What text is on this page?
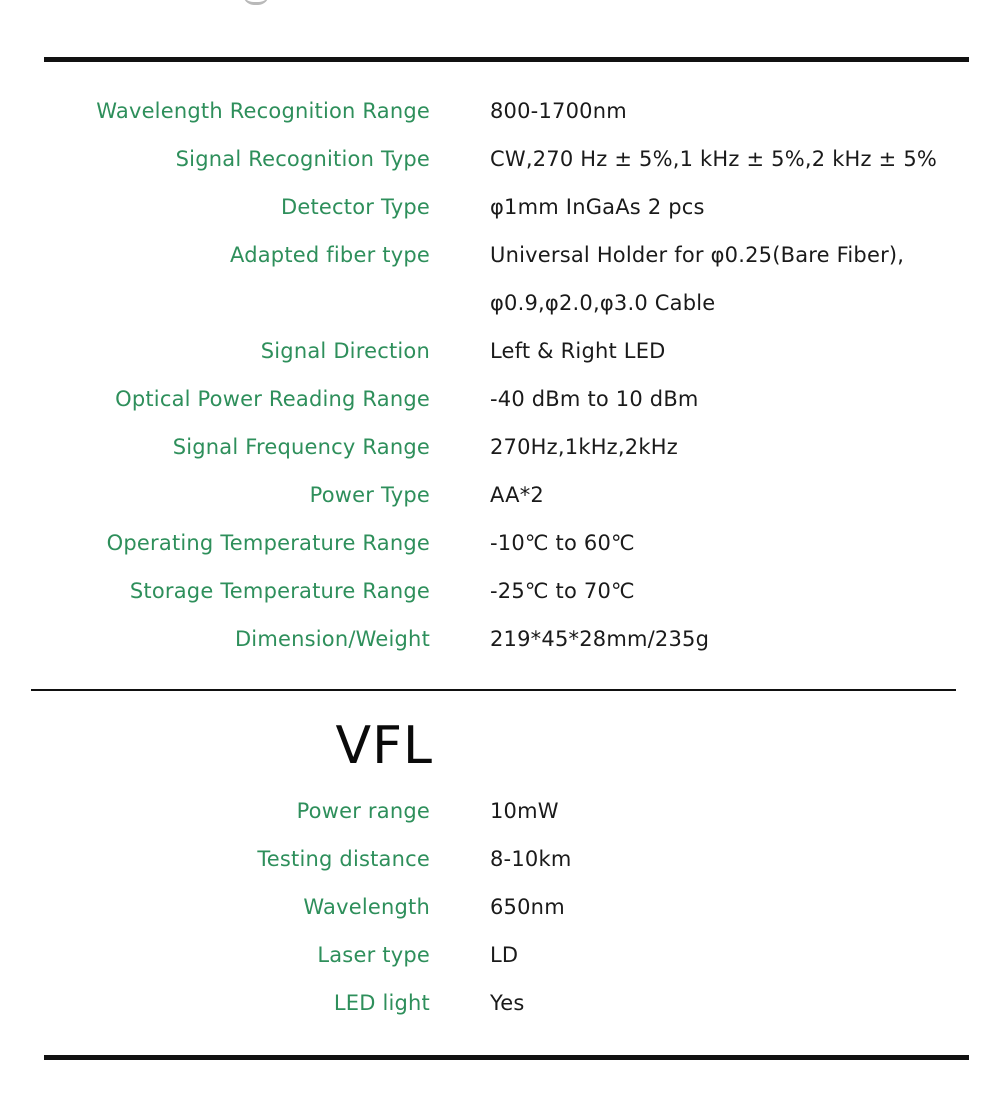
Wavelength Recognition Range	800-1700nm
Signal Recognition Type	CW,270 Hz ± 5%,1 kHz ± 5%,2 kHz ± 5%
Detector Type	φ1mm InGaAs 2 pcs
Adapted fiber type	Universal Holder for φ0.25(Bare Fiber), φ0.9,φ2.0,φ3.0 Cable
Signal Direction	Left & Right LED
Optical Power Reading Range	-40 dBm to 10 dBm
Signal Frequency Range	270Hz,1kHz,2kHz
Power Type	AA*2
Operating Temperature Range	-10℃ to 60℃
Storage Temperature Range	-25℃ to 70℃
Dimension/Weight	219*45*28mm/235g
VFL
Power range	10mW
Testing distance	8-10km
Wavelength	650nm
Laser type	LD
LED light	Yes
